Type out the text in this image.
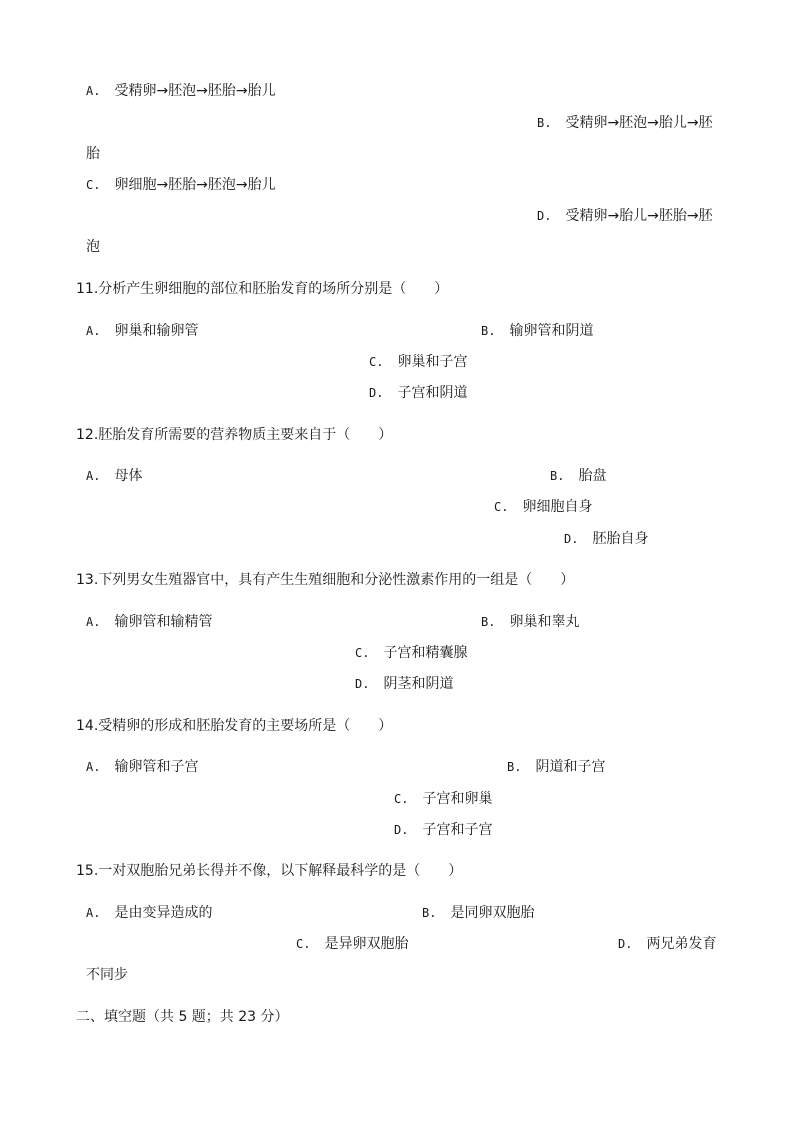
A. 受精卵→胚泡→胚胎→胎儿
B. 受精卵→胚泡→胎儿→胚
胎
C. 卵细胞→胚胎→胚泡→胎儿
D. 受精卵→胎儿→胚胎→胚
泡
11.分析产生卵细胞的部位和胚胎发育的场所分别是（　　）
A. 卵巢和输卵管	B. 输卵管和阴道
C. 卵巢和子宫
D. 子宫和阴道
12.胚胎发育所需要的营养物质主要来自于（　　）
A. 母体	B. 胎盘
C. 卵细胞自身
D. 胚胎自身
13.下列男女生殖器官中，具有产生生殖细胞和分泌性激素作用的一组是（　　）
A. 输卵管和输精管	B. 卵巢和睾丸
C. 子宫和精囊腺
D. 阴茎和阴道
14.受精卵的形成和胚胎发育的主要场所是（　　）
A. 输卵管和子宫	B. 阴道和子宫
C. 子宫和卵巢
D. 子宫和子宫
15.一对双胞胎兄弟长得并不像，以下解释最科学的是（　　）
A. 是由变异造成的	B. 是同卵双胞胎
C. 是异卵双胞胎	D. 两兄弟发育
不同步
二、填空题（共 5 题；共 23 分）
